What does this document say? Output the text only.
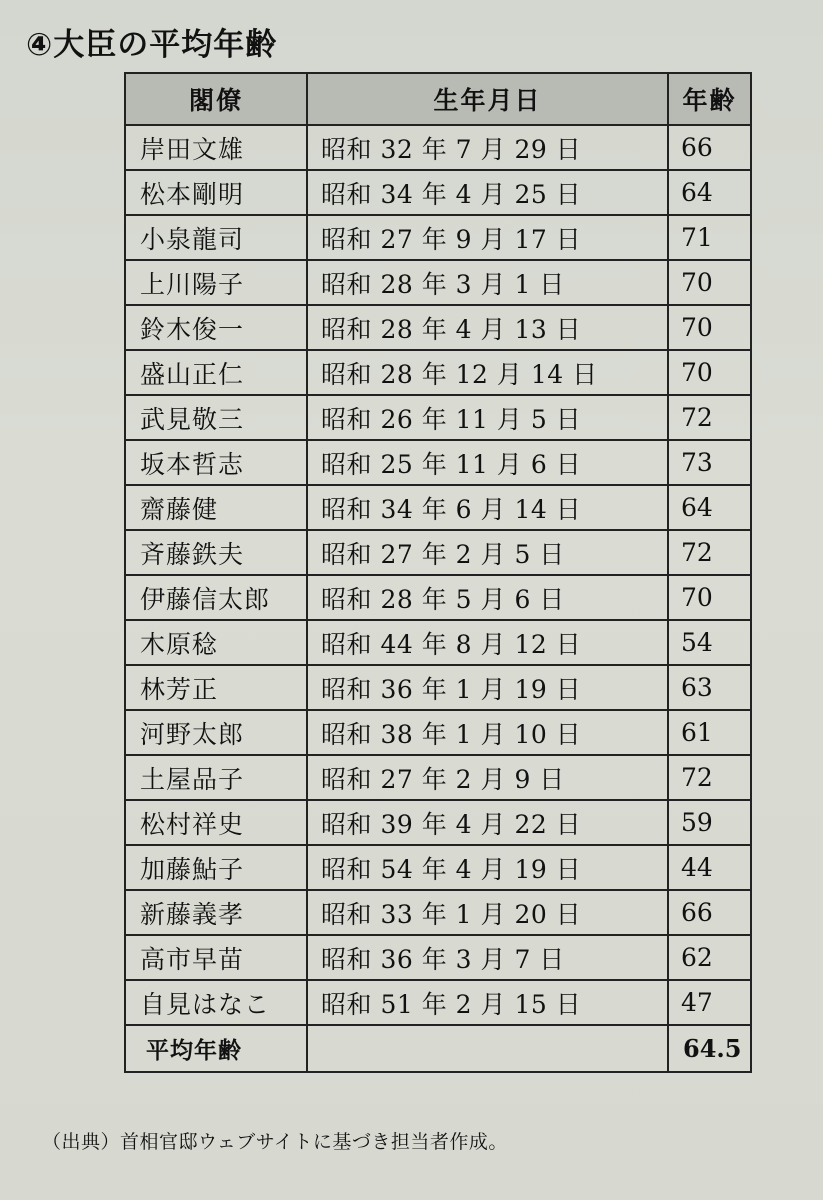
④大臣の平均年齢
閣僚	生年月日	年齢
岸田文雄	昭和 32 年 7 月 29 日	66
松本剛明	昭和 34 年 4 月 25 日	64
小泉龍司	昭和 27 年 9 月 17 日	71
上川陽子	昭和 28 年 3 月 1 日	70
鈴木俊一	昭和 28 年 4 月 13 日	70
盛山正仁	昭和 28 年 12 月 14 日	70
武見敬三	昭和 26 年 11 月 5 日	72
坂本哲志	昭和 25 年 11 月 6 日	73
齋藤健	昭和 34 年 6 月 14 日	64
斉藤鉄夫	昭和 27 年 2 月 5 日	72
伊藤信太郎	昭和 28 年 5 月 6 日	70
木原稔	昭和 44 年 8 月 12 日	54
林芳正	昭和 36 年 1 月 19 日	63
河野太郎	昭和 38 年 1 月 10 日	61
土屋品子	昭和 27 年 2 月 9 日	72
松村祥史	昭和 39 年 4 月 22 日	59
加藤鮎子	昭和 54 年 4 月 19 日	44
新藤義孝	昭和 33 年 1 月 20 日	66
高市早苗	昭和 36 年 3 月 7 日	62
自見はなこ	昭和 51 年 2 月 15 日	47
平均年齢		64.5
（出典）首相官邸ウェブサイトに基づき担当者作成。
